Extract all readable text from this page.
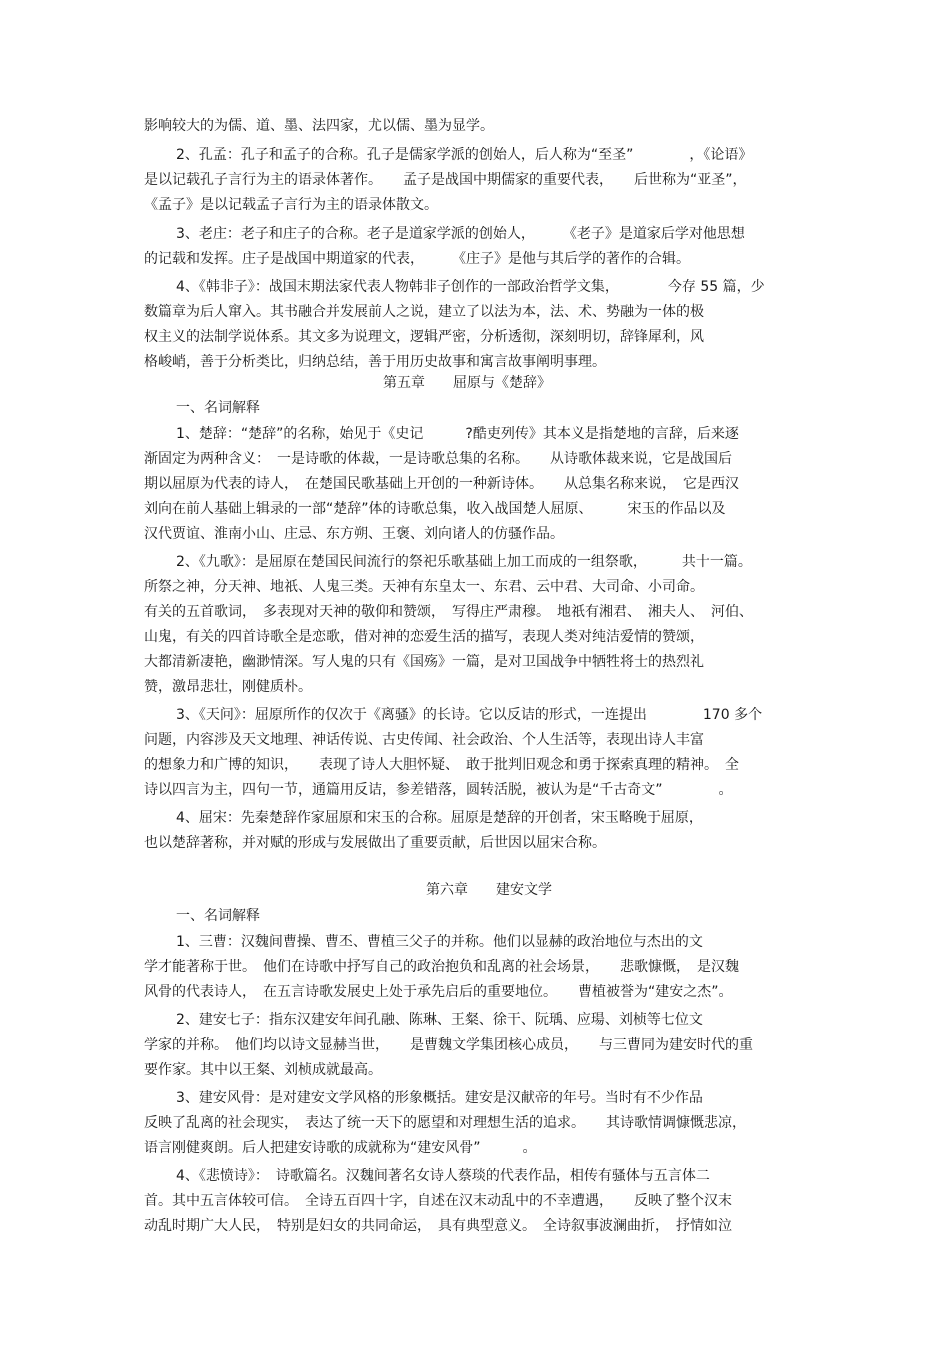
影响较大的为儒、道、墨、法四家，尤以儒、墨为显学。
2、孔孟：孔子和孟子的合称。孔子是儒家学派的创始人，后人称为“至圣”　　　　，《论语》
是以记载孔子言行为主的语录体著作。　　孟子是战国中期儒家的重要代表，　　后世称为“亚圣”，
《孟子》是以记载孟子言行为主的语录体散文。
3、老庄：老子和庄子的合称。老子是道家学派的创始人，　　　《老子》是道家后学对他思想
的记载和发挥。庄子是战国中期道家的代表，　　　《庄子》是他与其后学的著作的合辑。
4、《韩非子》：战国末期法家代表人物韩非子创作的一部政治哲学文集，　　　　今存 55 篇，少
数篇章为后人窜入。其书融合并发展前人之说，建立了以法为本，法、术、势融为一体的极
权主义的法制学说体系。其文多为说理文，逻辑严密，分析透彻，深刻明切，辞锋犀利，风
格峻峭，善于分析类比，归纳总结，善于用历史故事和寓言故事阐明事理。
第五章　　屈原与《楚辞》
一、名词解释
1、楚辞：“楚辞”的名称，始见于《史记　　　?酷吏列传》其本义是指楚地的言辞，后来逐
渐固定为两种含义：　一是诗歌的体裁，一是诗歌总集的名称。　　从诗歌体裁来说，它是战国后
期以屈原为代表的诗人，　在楚国民歌基础上开创的一种新诗体。　　从总集名称来说，　它是西汉
刘向在前人基础上辑录的一部“楚辞”体的诗歌总集，收入战国楚人屈原、　　　宋玉的作品以及
汉代贾谊、淮南小山、庄忌、东方朔、王褒、刘向诸人的仿骚作品。
2、《九歌》：是屈原在楚国民间流行的祭祀乐歌基础上加工而成的一组祭歌，　　　共十一篇。
所祭之神，分天神、地祇、人鬼三类。天神有东皇太一、东君、云中君、大司命、小司命。
有关的五首歌词，　多表现对天神的敬仰和赞颂，　写得庄严肃穆。　地祇有湘君、　湘夫人、　河伯、
山鬼，有关的四首诗歌全是恋歌，借对神的恋爱生活的描写，表现人类对纯洁爱情的赞颂，
大都清新凄艳，幽渺情深。写人鬼的只有《国殇》一篇，是对卫国战争中牺牲将士的热烈礼
赞，激昂悲壮，刚健质朴。
3、《天问》：屈原所作的仅次于《离骚》的长诗。它以反诘的形式，一连提出　　　　170 多个
问题，内容涉及天文地理、神话传说、古史传闻、社会政治、个人生活等，表现出诗人丰富
的想象力和广博的知识，　　表现了诗人大胆怀疑、　敢于批判旧观念和勇于探索真理的精神。　全
诗以四言为主，四句一节，通篇用反诘，参差错落，圆转活脱，被认为是“千古奇文”　　　　。
4、屈宋：先秦楚辞作家屈原和宋玉的合称。屈原是楚辞的开创者，宋玉略晚于屈原，
也以楚辞著称，并对赋的形成与发展做出了重要贡献，后世因以屈宋合称。
第六章　　建安文学
一、名词解释
1、三曹：汉魏间曹操、曹丕、曹植三父子的并称。他们以显赫的政治地位与杰出的文
学才能著称于世。　他们在诗歌中抒写自己的政治抱负和乱离的社会场景，　　悲歌慷慨，　是汉魏
风骨的代表诗人，　在五言诗歌发展史上处于承先启后的重要地位。　　曹植被誉为“建安之杰”。
2、建安七子：指东汉建安年间孔融、陈琳、王粲、徐干、阮瑀、应瑒、刘桢等七位文
学家的并称。　他们均以诗文显赫当世，　　是曹魏文学集团核心成员，　　与三曹同为建安时代的重
要作家。其中以王粲、刘桢成就最高。
3、建安风骨：是对建安文学风格的形象概括。建安是汉献帝的年号。当时有不少作品
反映了乱离的社会现实，　表达了统一天下的愿望和对理想生活的追求。　　其诗歌情调慷慨悲凉，
语言刚健爽朗。后人把建安诗歌的成就称为“建安风骨”　　　。
4、《悲愤诗》：　诗歌篇名。汉魏间著名女诗人蔡琰的代表作品，相传有骚体与五言体二
首。其中五言体较可信。　全诗五百四十字，自述在汉末动乱中的不幸遭遇，　　反映了整个汉末
动乱时期广大人民，　特别是妇女的共同命运，　具有典型意义。　全诗叙事波澜曲折，　抒情如泣
